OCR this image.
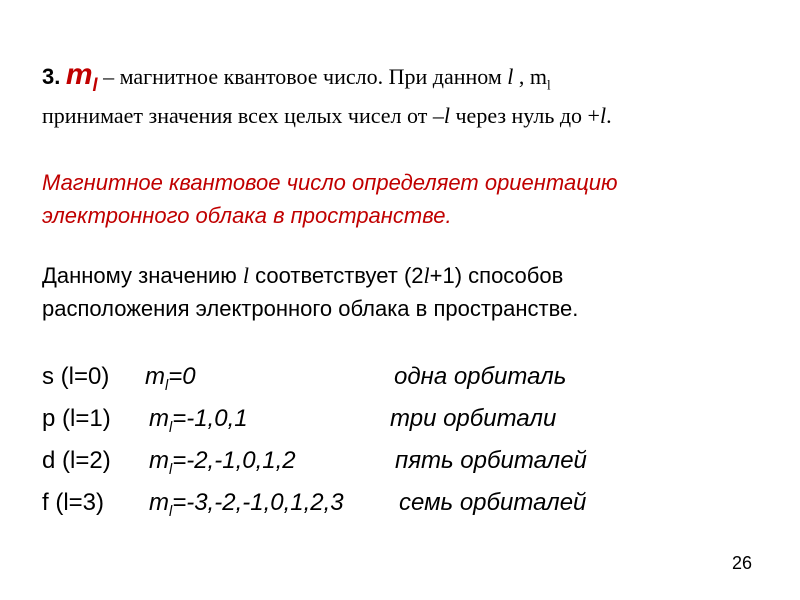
3. $m_l$ – магнитное квантовое число. При данном l , $m_l$
принимает значения всех целых чисел от –l через нуль до +l.
Магнитное квантовое число определяет ориентацию
электронного облака в пространстве.
Данному значению l соответствует (2l+1) способов
расположения электронного облака в пространстве.
s (l=0) $m_l=0$	одна орбиталь
p (l=1) $m_l=-1,0,1$	три орбитали
d (l=2) $m_l=-2,-1,0,1,2$	пять орбиталей
f (l=3) $m_l=-3,-2,-1,0,1,2,3$ семь орбиталей
26
